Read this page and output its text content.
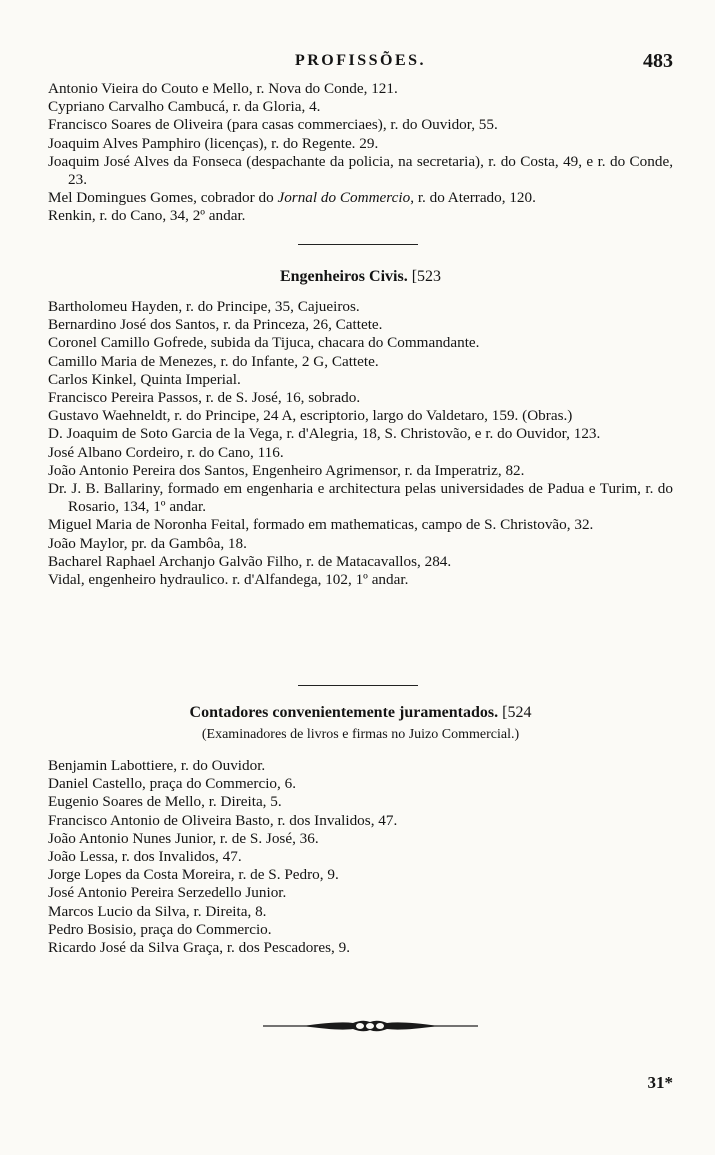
PROFISSÕES.	483
Antonio Vieira do Couto e Mello, r. Nova do Conde, 121.
Cypriano Carvalho Cambucá, r. da Gloria, 4.
Francisco Soares de Oliveira (para casas commerciaes), r. do Ouvidor, 55.
Joaquim Alves Pamphiro (licenças), r. do Regente. 29.
Joaquim José Alves da Fonseca (despachante da policia, na secretaria), r. do Costa, 49, e r. do Conde, 23.
Mel Domingues Gomes, cobrador do Jornal do Commercio, r. do Aterrado, 120.
Renkin, r. do Cano, 34, 2º andar.
Engenheiros Civis. [523
Bartholomeu Hayden, r. do Principe, 35, Cajueiros.
Bernardino José dos Santos, r. da Princeza, 26, Cattete.
Coronel Camillo Gofrede, subida da Tijuca, chacara do Commandante.
Camillo Maria de Menezes, r. do Infante, 2 G, Cattete.
Carlos Kinkel, Quinta Imperial.
Francisco Pereira Passos, r. de S. José, 16, sobrado.
Gustavo Waehneldt, r. do Principe, 24 A, escriptorio, largo do Valdetaro, 159. (Obras.)
D. Joaquim de Soto Garcia de la Vega, r. d'Alegria, 18, S. Christovão, e r. do Ouvidor, 123.
José Albano Cordeiro, r. do Cano, 116.
João Antonio Pereira dos Santos, Engenheiro Agrimensor, r. da Imperatriz, 82.
Dr. J. B. Ballariny, formado em engenharia e architectura pelas universidades de Padua e Turim, r. do Rosario, 134, 1º andar.
Miguel Maria de Noronha Feital, formado em mathematicas, campo de S. Christovão, 32.
João Maylor, pr. da Gambôa, 18.
Bacharel Raphael Archanjo Galvão Filho, r. de Matacavallos, 284.
Vidal, engenheiro hydraulico. r. d'Alfandega, 102, 1º andar.
Contadores convenientemente juramentados. [524
(Examinadores de livros e firmas no Juizo Commercial.)
Benjamin Labottiere, r. do Ouvidor.
Daniel Castello, praça do Commercio, 6.
Eugenio Soares de Mello, r. Direita, 5.
Francisco Antonio de Oliveira Basto, r. dos Invalidos, 47.
João Antonio Nunes Junior, r. de S. José, 36.
João Lessa, r. dos Invalidos, 47.
Jorge Lopes da Costa Moreira, r. de S. Pedro, 9.
José Antonio Pereira Serzedello Junior.
Marcos Lucio da Silva, r. Direita, 8.
Pedro Bosisio, praça do Commercio.
Ricardo José da Silva Graça, r. dos Pescadores, 9.
31*
